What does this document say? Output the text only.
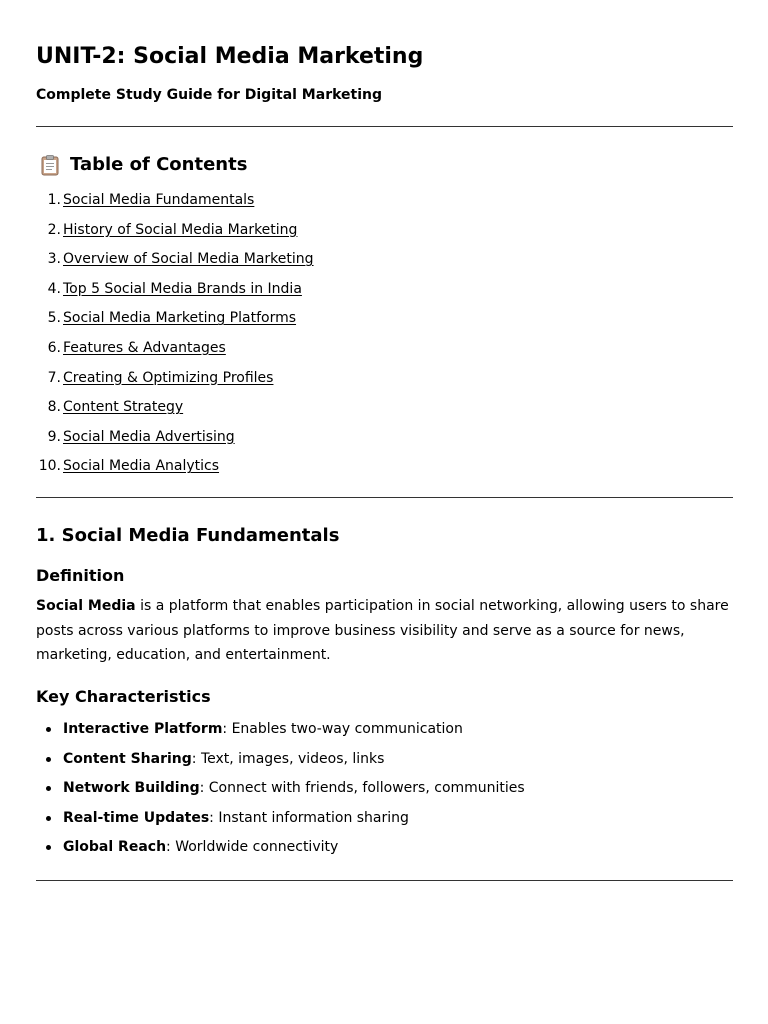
UNIT-2: Social Media Marketing
Complete Study Guide for Digital Marketing
Table of Contents
1. Social Media Fundamentals
2. History of Social Media Marketing
3. Overview of Social Media Marketing
4. Top 5 Social Media Brands in India
5. Social Media Marketing Platforms
6. Features & Advantages
7. Creating & Optimizing Profiles
8. Content Strategy
9. Social Media Advertising
10. Social Media Analytics
1. Social Media Fundamentals
Definition

Social Media is a platform that enables participation in social networking, allowing users to share posts across various platforms to improve business visibility and serve as a source for news, marketing, education, and entertainment.

Key Characteristics
Interactive Platform: Enables two-way communication
Content Sharing: Text, images, videos, links
Network Building: Connect with friends, followers, communities
Real-time Updates: Instant information sharing
Global Reach: Worldwide connectivity
